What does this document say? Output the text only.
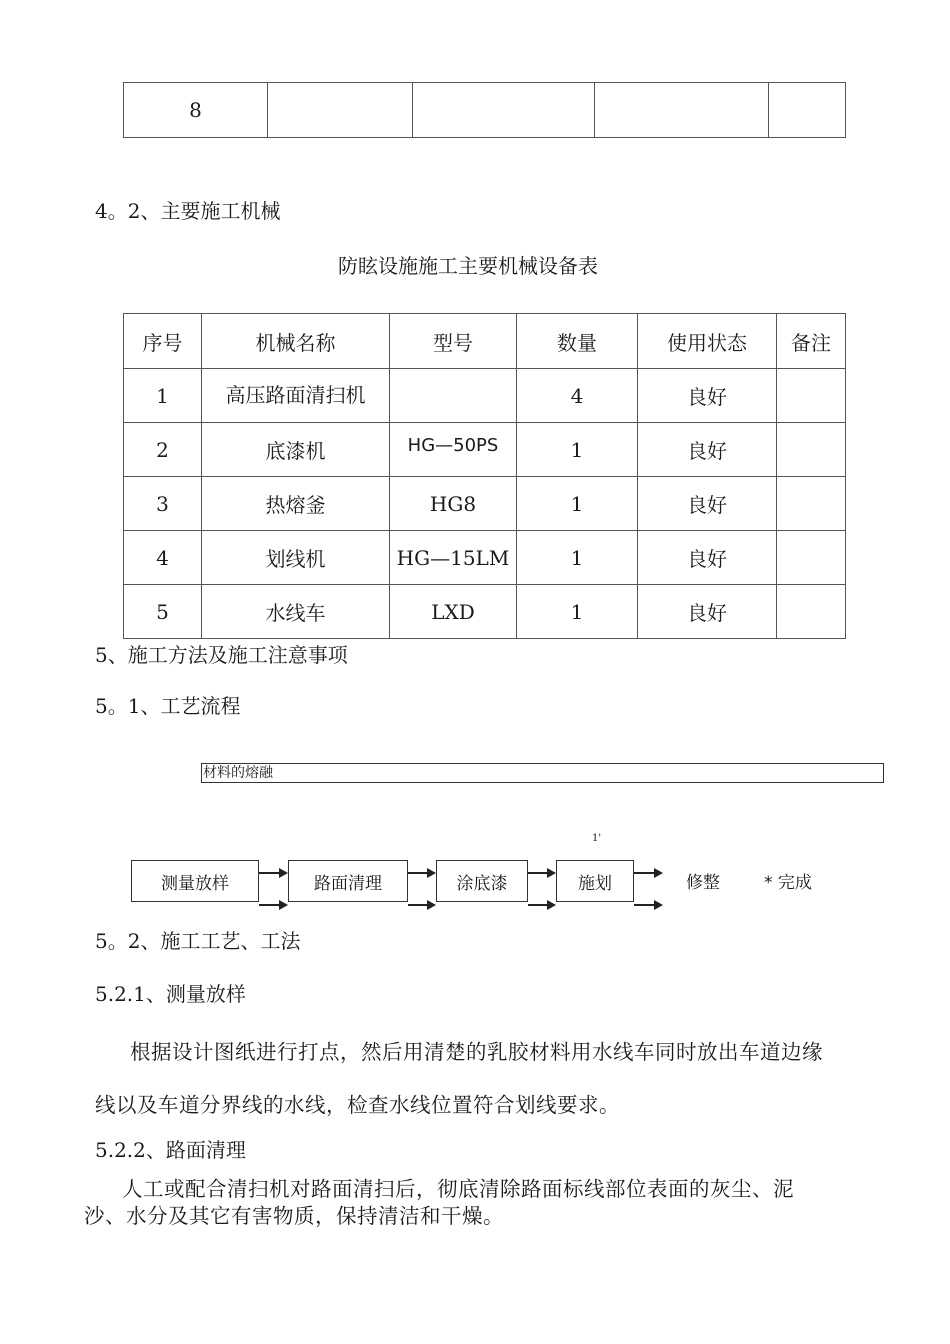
8				
4。2、主要施工机械
防眩设施施工主要机械设备表
序号	机械名称	型号	数量	使用状态	备注
1	高压路面清扫机		4	良好	
2	底漆机	HG—50PS	1	良好	
3	热熔釜	HG8	1	良好	
4	划线机	HG—15LM	1	良好	
5	水线车	LXD	1	良好	
5、施工方法及施工注意事项
5。1、工艺流程
材料的熔融
1'
测量放样	路面清理	涂底漆	施划	修整	* 完成
5。2、施工工艺、工法
5.2.1、测量放样
根据设计图纸进行打点，然后用清楚的乳胶材料用水线车同时放出车道边缘
线以及车道分界线的水线，检查水线位置符合划线要求。
5.2.2、路面清理
人工或配合清扫机对路面清扫后，彻底清除路面标线部位表面的灰尘、泥
沙、水分及其它有害物质，保持清洁和干燥。
